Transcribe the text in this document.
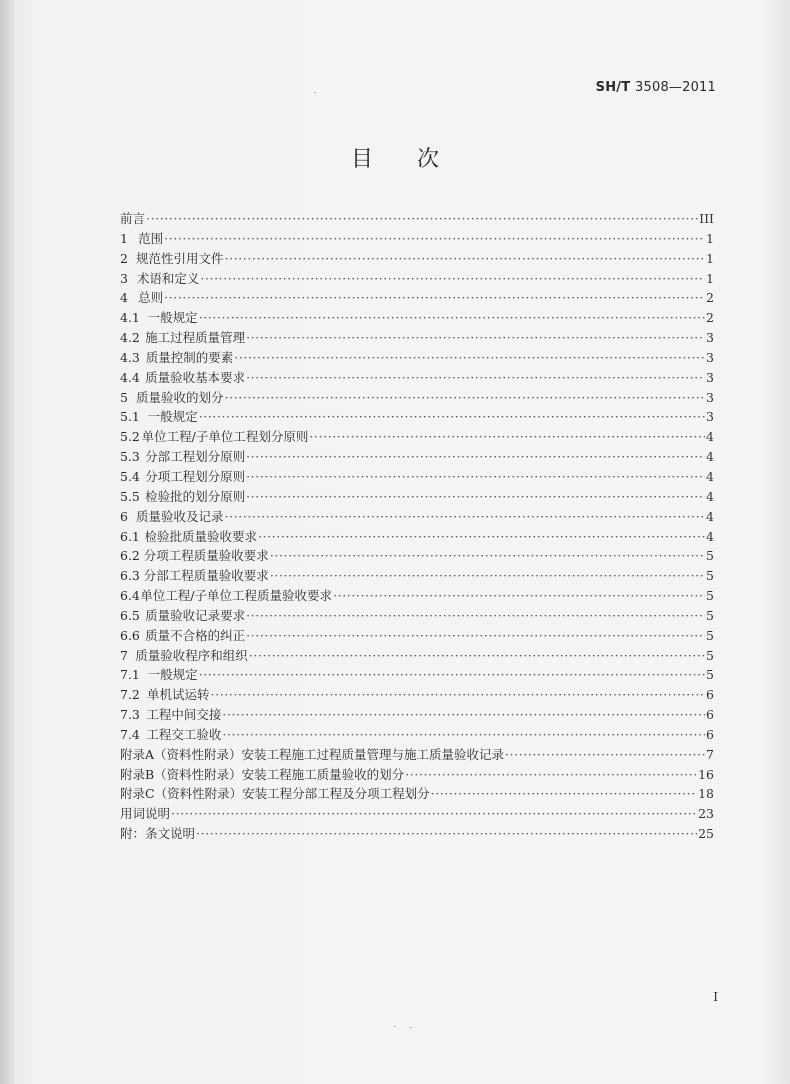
SH/T 3508—2011
目次
前言 ·····	III
1 范围 ·····	1
2 规范性引用文件 ·····	1
3 术语和定义 ·····	1
4 总则 ·····	2
4.1 一般规定 ·····	2
4.2 施工过程质量管理 ·····	3
4.3 质量控制的要素 ·····	3
4.4 质量验收基本要求 ·····	3
5 质量验收的划分 ·····	3
5.1 一般规定 ·····	3
5.2 单位工程/子单位工程划分原则 ·····	4
5.3 分部工程划分原则 ·····	4
5.4 分项工程划分原则 ·····	4
5.5 检验批的划分原则 ·····	4
6 质量验收及记录 ·····	4
6.1 检验批质量验收要求 ·····	4
6.2 分项工程质量验收要求 ·····	5
6.3 分部工程质量验收要求 ·····	5
6.4 单位工程/子单位工程质量验收要求 ·····	5
6.5 质量验收记录要求 ·····	5
6.6 质量不合格的纠正 ·····	5
7 质量验收程序和组织 ·····	5
7.1 一般规定 ·····	5
7.2 单机试运转 ·····	6
7.3 工程中间交接 ·····	6
7.4 工程交工验收 ·····	6
附录A（资料性附录）安装工程施工过程质量管理与施工质量验收记录 ·····	7
附录B（资料性附录）安装工程施工质量验收的划分 ·····	16
附录C（资料性附录）安装工程分部工程及分项工程划分 ·····	18
用词说明 ·····	23
附：条文说明 ·····	25
I
